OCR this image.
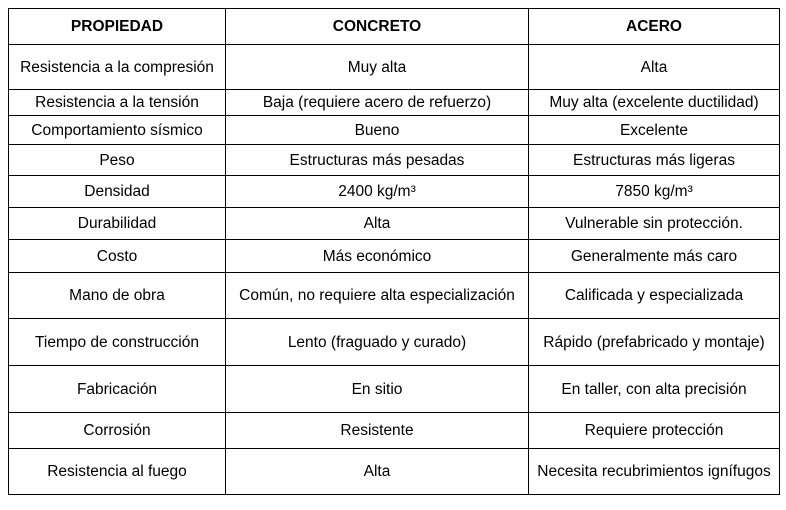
PROPIEDAD	CONCRETO	ACERO
Resistencia a la compresión	Muy alta	Alta
Resistencia a la tensión	Baja (requiere acero de refuerzo)	Muy alta (excelente ductilidad)
Comportamiento sísmico	Bueno	Excelente
Peso	Estructuras más pesadas	Estructuras más ligeras
Densidad	2400 kg/m³	7850 kg/m³
Durabilidad	Alta	Vulnerable sin protección.
Costo	Más económico	Generalmente más caro
Mano de obra	Común, no requiere alta especialización	Calificada y especializada
Tiempo de construcción	Lento (fraguado y curado)	Rápido (prefabricado y montaje)
Fabricación	En sitio	En taller, con alta precisión
Corrosión	Resistente	Requiere protección
Resistencia al fuego	Alta	Necesita recubrimientos ignífugos
